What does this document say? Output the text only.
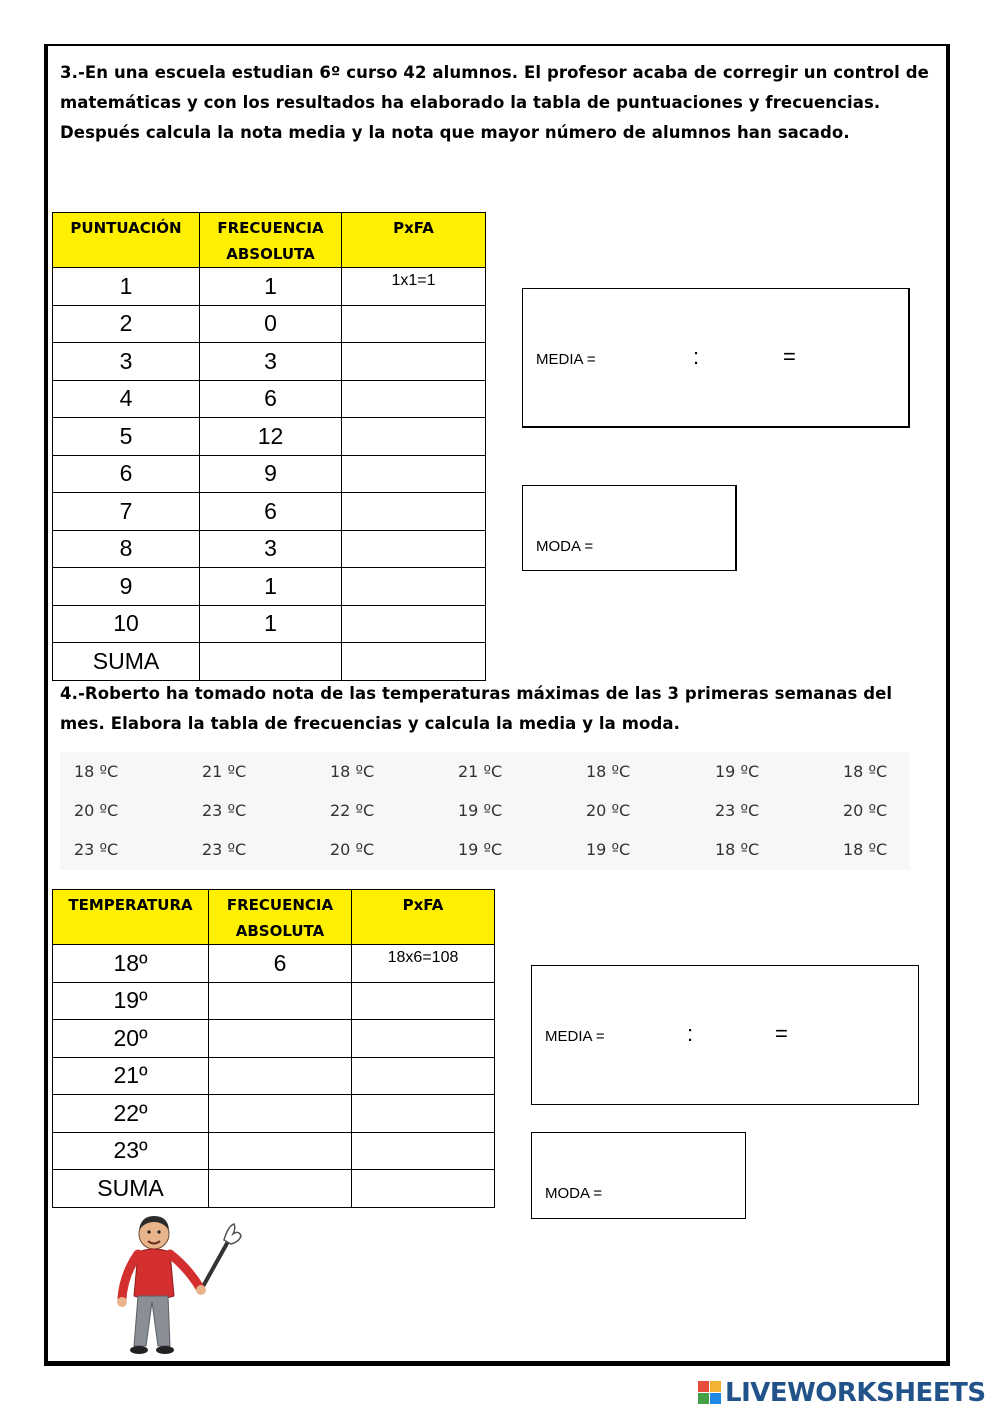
3.-En una escuela estudian 6º curso 42 alumnos. El profesor acaba de corregir un control de matemáticas y con los resultados ha elaborado la tabla de puntuaciones y frecuencias. Después calcula la nota media y la nota que mayor número de alumnos han sacado.
PUNTUACIÓN	FRECUENCIA ABSOLUTA	PxFA
1	1	1x1=1
2	0	
3	3	
4	6	
5	12	
6	9	
7	6	
8	3	
9	1	
10	1	
SUMA		
MEDIA =	:	=
MODA =
4.-Roberto ha tomado nota de las temperaturas máximas de las 3 primeras semanas del mes. Elabora la tabla de frecuencias y calcula la media y la moda.
18 ºC	21 ºC	18 ºC	21 ºC	18 ºC	19 ºC	18 ºC
20 ºC	23 ºC	22 ºC	19 ºC	20 ºC	23 ºC	20 ºC
23 ºC	23 ºC	20 ºC	19 ºC	19 ºC	18 ºC	18 ºC
TEMPERATURA	FRECUENCIA ABSOLUTA	PxFA
18º	6	18x6=108
19º		
20º		
21º		
22º		
23º		
SUMA		
MEDIA =	:	=
MODA =
LIVEWORKSHEETS
